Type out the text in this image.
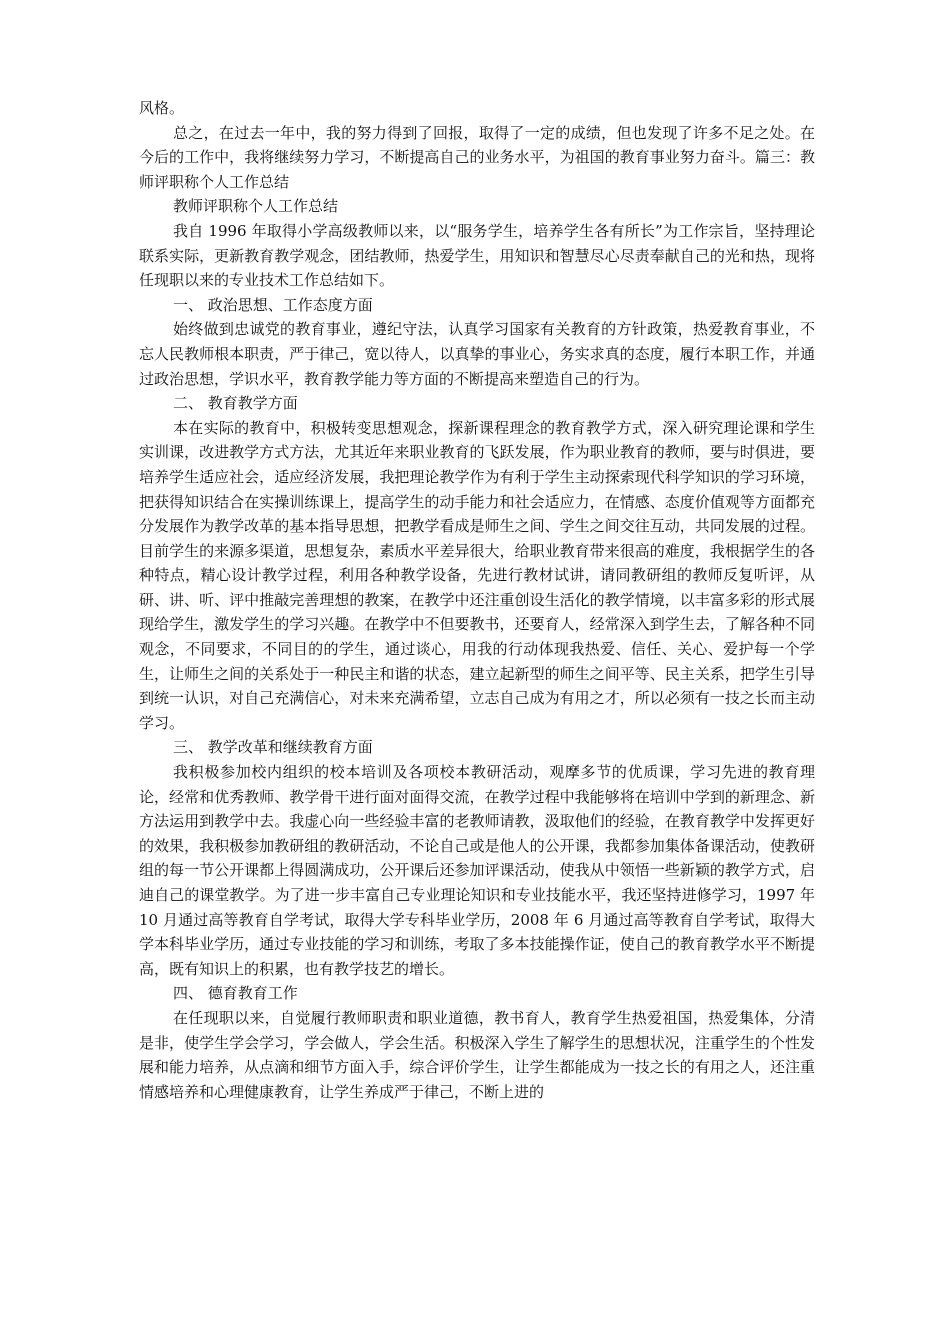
风格。

总之，在过去一年中，我的努力得到了回报，取得了一定的成绩，但也发现了许多不足之处。在今后的工作中，我将继续努力学习，不断提高自己的业务水平，为祖国的教育事业努力奋斗。篇三：教师评职称个人工作总结

教师评职称个人工作总结

我自 1996 年取得小学高级教师以来，以“服务学生，培养学生各有所长”为工作宗旨，坚持理论联系实际，更新教育教学观念，团结教师，热爱学生，用知识和智慧尽心尽责奉献自己的光和热，现将任现职以来的专业技术工作总结如下。

一、 政治思想、工作态度方面

始终做到忠诚党的教育事业，遵纪守法，认真学习国家有关教育的方针政策，热爱教育事业，不忘人民教师根本职责，严于律己，宽以待人，以真挚的事业心，务实求真的态度，履行本职工作，并通过政治思想，学识水平，教育教学能力等方面的不断提高来塑造自己的行为。

二、 教育教学方面

本在实际的教育中，积极转变思想观念，探新课程理念的教育教学方式，深入研究理论课和学生实训课，改进教学方式方法，尤其近年来职业教育的飞跃发展，作为职业教育的教师，要与时俱进，要培养学生适应社会，适应经济发展，我把理论教学作为有利于学生主动探索现代科学知识的学习环境，把获得知识结合在实操训练课上，提高学生的动手能力和社会适应力，在情感、态度价值观等方面都充分发展作为教学改革的基本指导思想，把教学看成是师生之间、学生之间交往互动，共同发展的过程。目前学生的来源多渠道，思想复杂，素质水平差异很大，给职业教育带来很高的难度，我根据学生的各种特点，精心设计教学过程，利用各种教学设备，先进行教材试讲，请同教研组的教师反复听评，从研、讲、听、评中推敲完善理想的教案，在教学中还注重创设生活化的教学情境，以丰富多彩的形式展现给学生，激发学生的学习兴趣。在教学中不但要教书，还要育人，经常深入到学生去，了解各种不同观念，不同要求，不同目的的学生，通过谈心，用我的行动体现我热爱、信任、关心、爱护每一个学生，让师生之间的关系处于一种民主和谐的状态，建立起新型的师生之间平等、民主关系，把学生引导到统一认识，对自己充满信心，对未来充满希望，立志自己成为有用之才，所以必须有一技之长而主动学习。

三、 教学改革和继续教育方面

我积极参加校内组织的校本培训及各项校本教研活动，观摩多节的优质课，学习先进的教育理论，经常和优秀教师、教学骨干进行面对面得交流，在教学过程中我能够将在培训中学到的新理念、新方法运用到教学中去。我虚心向一些经验丰富的老教师请教，汲取他们的经验，在教育教学中发挥更好的效果，我积极参加教研组的教研活动，不论自己或是他人的公开课，我都参加集体备课活动，使教研组的每一节公开课都上得圆满成功，公开课后还参加评课活动，使我从中领悟一些新颖的教学方式，启迪自己的课堂教学。为了进一步丰富自己专业理论知识和专业技能水平，我还坚持进修学习，1997 年 10 月通过高等教育自学考试，取得大学专科毕业学历，2008 年 6 月通过高等教育自学考试，取得大学本科毕业学历，通过专业技能的学习和训练，考取了多本技能操作证，使自己的教育教学水平不断提高，既有知识上的积累，也有教学技艺的增长。

四、 德育教育工作

在任现职以来，自觉履行教师职责和职业道德，教书育人，教育学生热爱祖国，热爱集体，分清是非，使学生学会学习，学会做人，学会生活。积极深入学生了解学生的思想状况，注重学生的个性发展和能力培养，从点滴和细节方面入手，综合评价学生，让学生都能成为一技之长的有用之人，还注重情感培养和心理健康教育，让学生养成严于律己，不断上进的
